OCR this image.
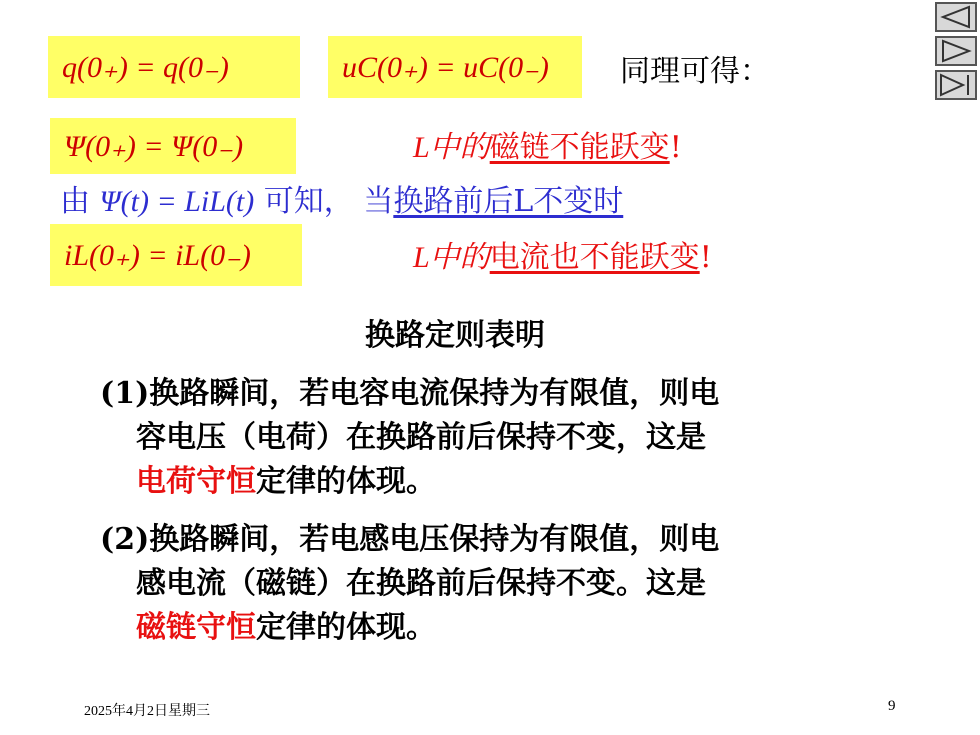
q(0₊) = q(0₋)	uC(0₊) = uC(0₋) 同理可得：
Ψ(0₊) = Ψ(0₋)	L中的磁链不能跃变!
由 Ψ(t) = LiL(t) 可知， 当换路前后L不变时
iL(0₊) = iL(0₋)	L中的电流也不能跃变!
换路定则表明
(1)换路瞬间，若电容电流保持为有限值，则电
容电压（电荷）在换路前后保持不变，这是
电荷守恒定律的体现。
(2)换路瞬间，若电感电压保持为有限值，则电
感电流（磁链）在换路前后保持不变。这是
磁链守恒定律的体现。
2025年4月2日星期三	9
